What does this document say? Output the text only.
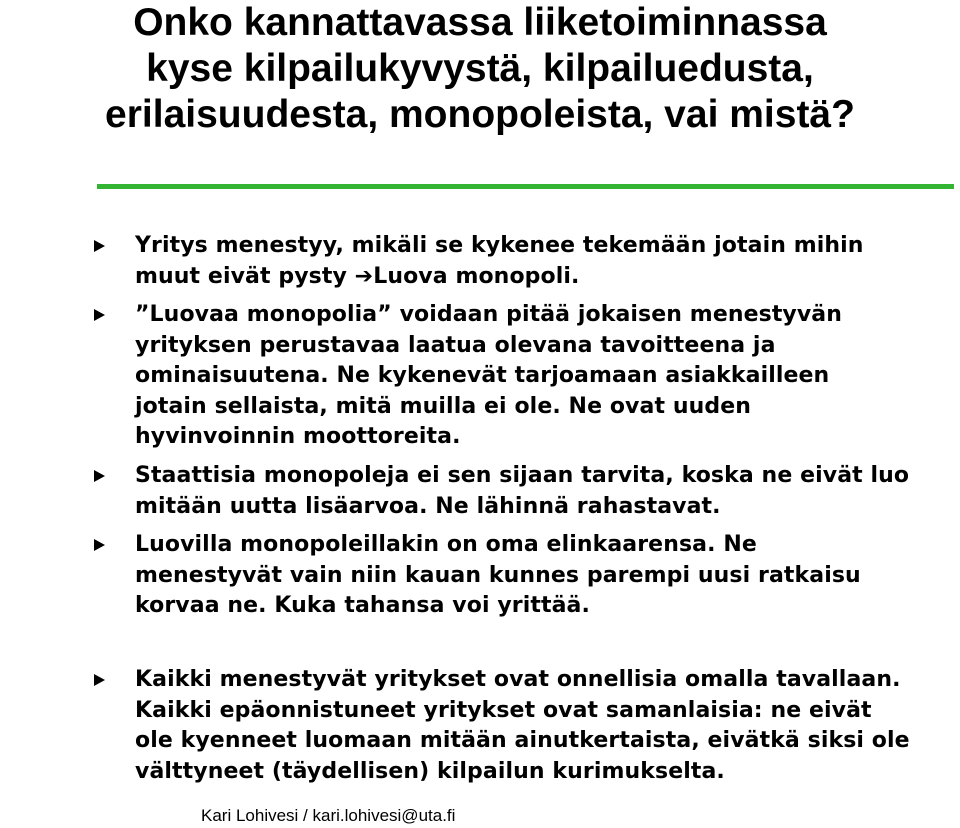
Onko kannattavassa liiketoiminnassa
kyse kilpailukyvystä, kilpailuedusta,
erilaisuudesta, monopoleista, vai mistä?
Yritys menestyy, mikäli se kykenee tekemään jotain mihin
muut eivät pysty ➔Luova monopoli.
”Luovaa monopolia” voidaan pitää jokaisen menestyvän
yrityksen perustavaa laatua olevana tavoitteena ja
ominaisuutena. Ne kykenevät tarjoamaan asiakkailleen
jotain sellaista, mitä muilla ei ole. Ne ovat uuden
hyvinvoinnin moottoreita.
Staattisia monopoleja ei sen sijaan tarvita, koska ne eivät luo
mitään uutta lisäarvoa. Ne lähinnä rahastavat.
Luovilla monopoleillakin on oma elinkaarensa. Ne
menestyvät vain niin kauan kunnes parempi uusi ratkaisu
korvaa ne. Kuka tahansa voi yrittää.
Kaikki menestyvät yritykset ovat onnellisia omalla tavallaan.
Kaikki epäonnistuneet yritykset ovat samanlaisia: ne eivät
ole kyenneet luomaan mitään ainutkertaista, eivätkä siksi ole
välttyneet (täydellisen) kilpailun kurimukselta.
Kari Lohivesi / kari.lohivesi@uta.fi
